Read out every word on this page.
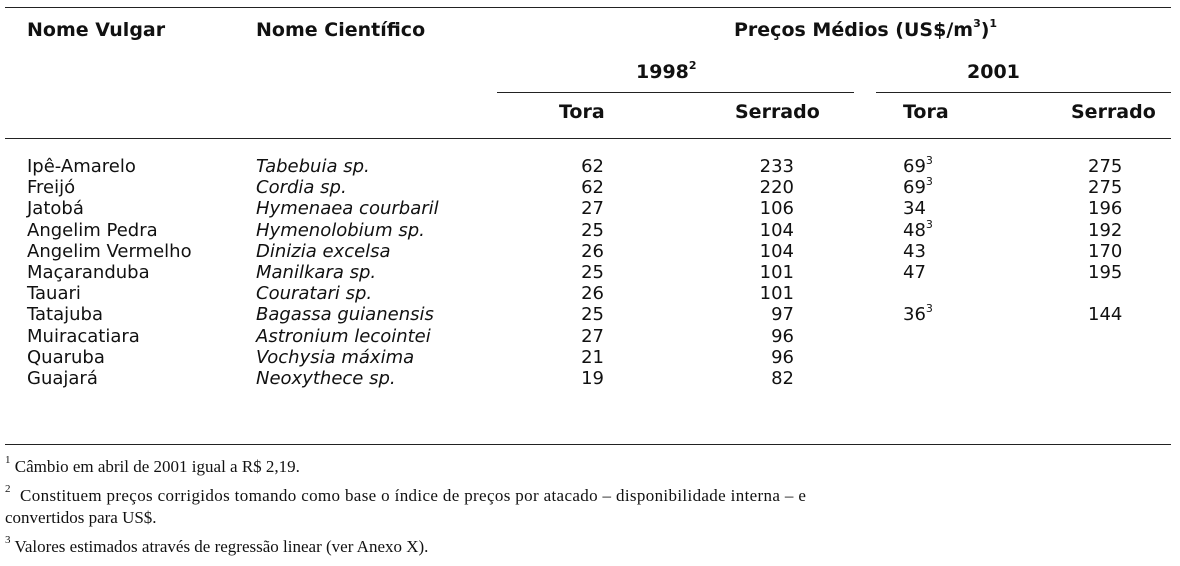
Nome Vulgar	Nome Científico	Preços Médios $(US\$/m^3)^1$
1998$^2$	2001
Tora	Serrado	Tora	Serrado
Ipê-Amarelo	Tabebuia sp.	62	233	$69^3$	275
Freijó	Cordia sp.	62	220	$69^3$	275
Jatobá	Hymenaea courbaril	27	106	34	196
Angelim Pedra	Hymenolobium sp.	25	104	$48^3$	192
Angelim Vermelho	Dinizia excelsa	26	104	43	170
Maçaranduba	Manilkara sp.	25	101	47	195
Tauari	Couratari sp.	26	101
Tatajuba	Bagassa guianensis	25	97	$36^3$	144
Muiracatiara	Astronium lecointei	27	96
Quaruba	Vochysia máxima	21	96
Guajará	Neoxythece sp.	19	82
$^1$ Câmbio em abril de 2001 igual a R$ 2,19.
$^2$  Constituem preços corrigidos tomando como base o índice de preços por atacado – disponibilidade interna – e
convertidos para US$.
$^3$ Valores estimados através de regressão linear (ver Anexo X).
